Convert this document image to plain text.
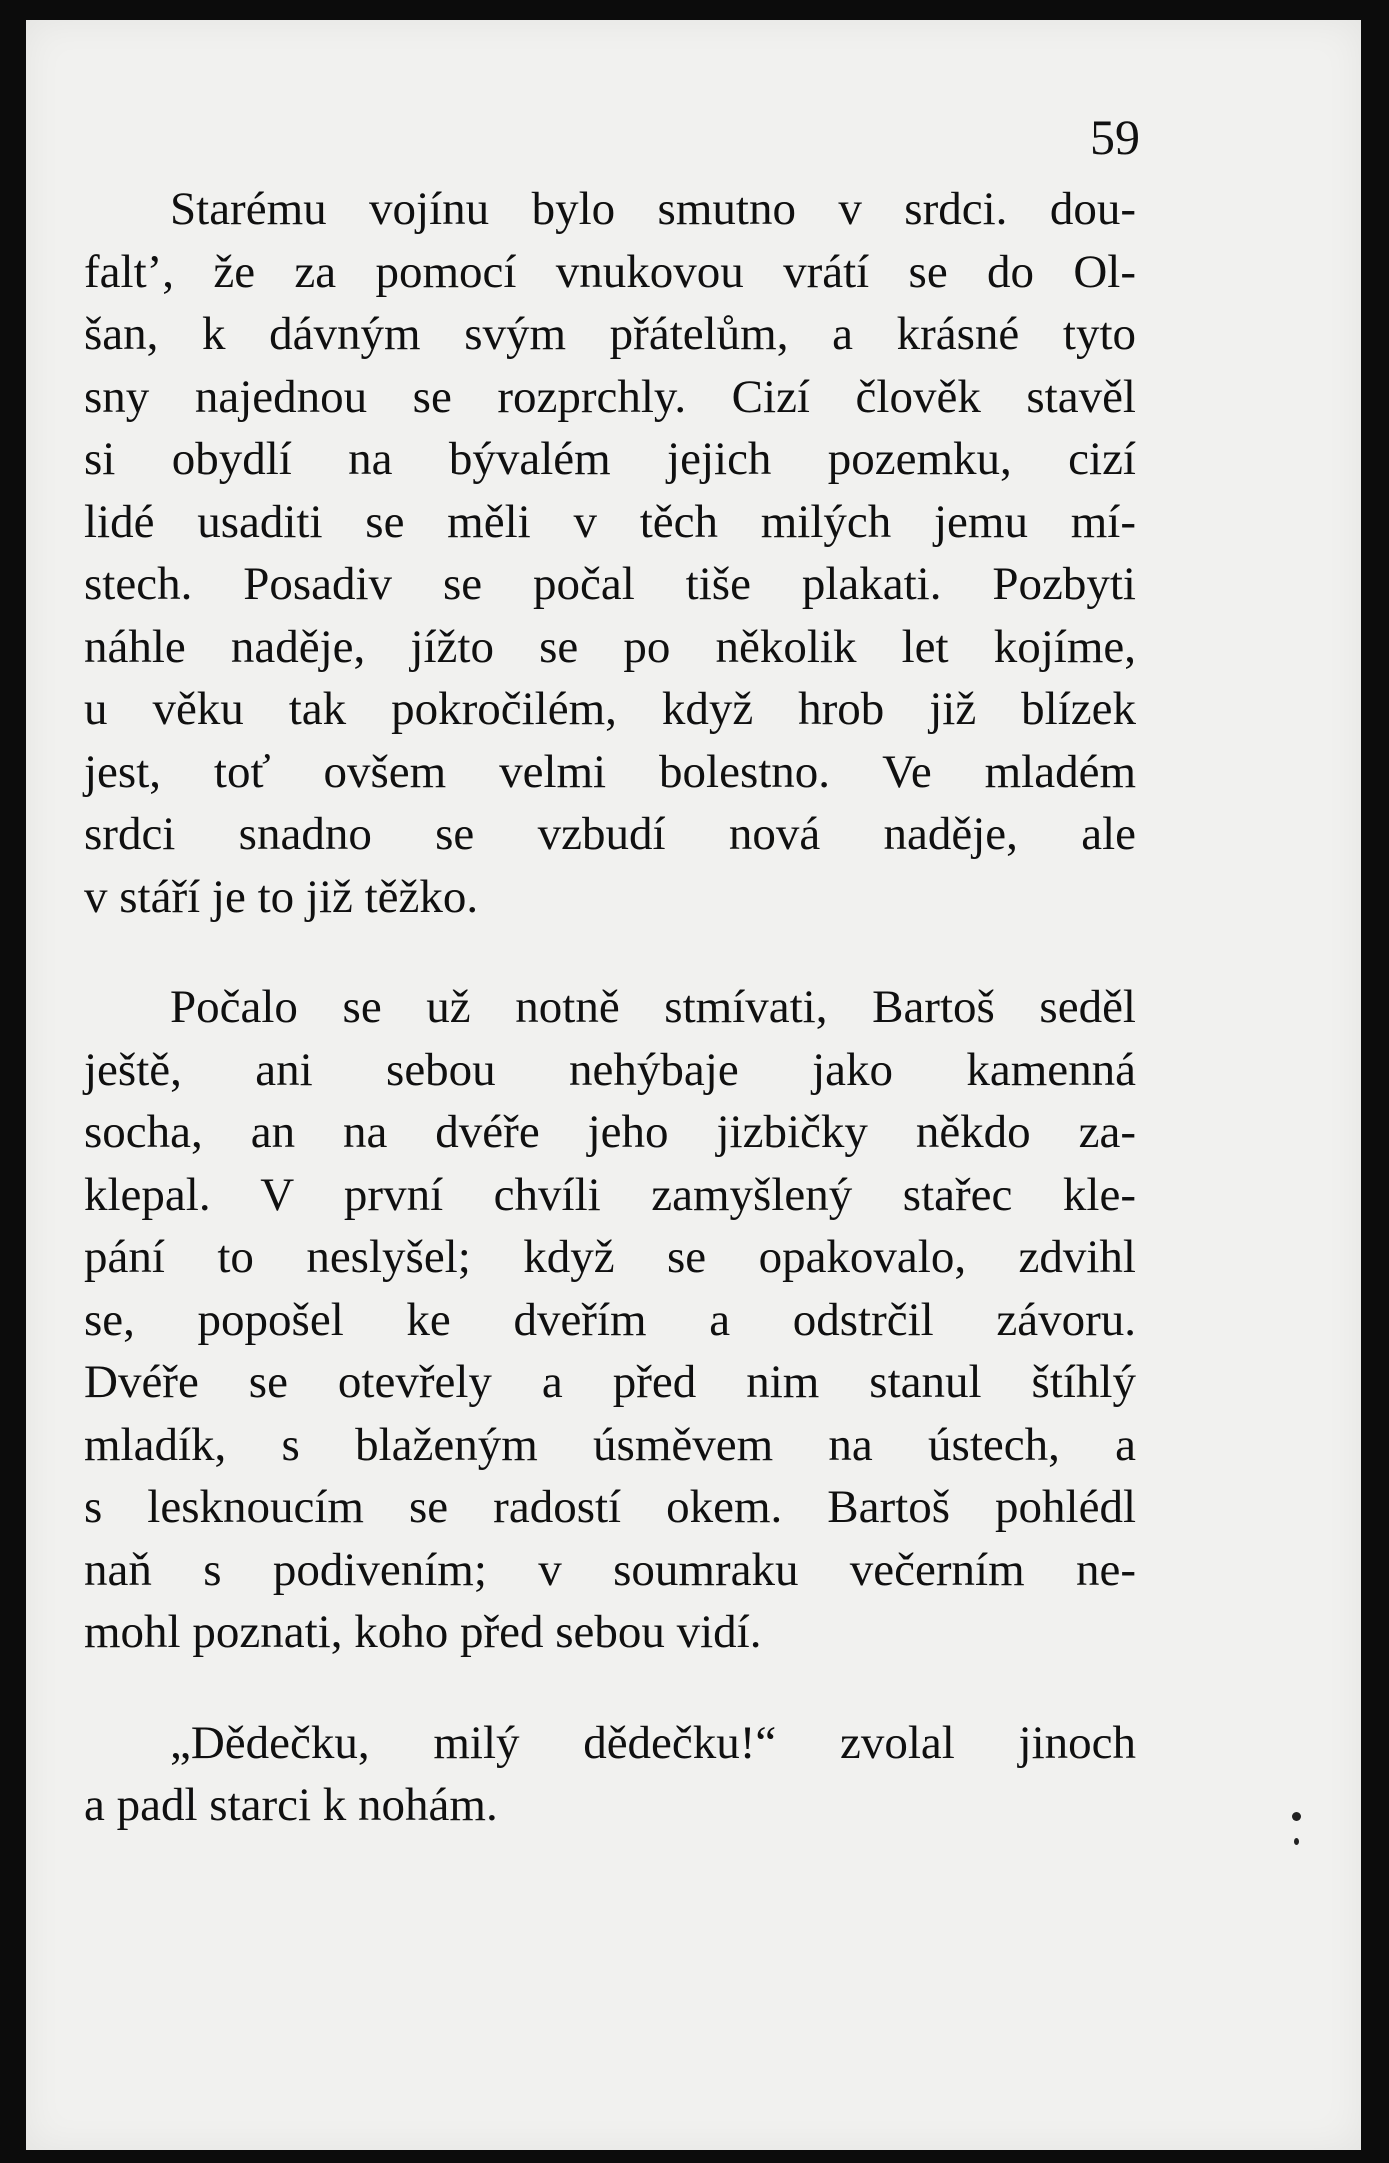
59

Starému vojínu bylo smutno v srdci. dou-
faltʼ, že za pomocí vnukovou vrátí se do Ol-
šan, k dávným svým přátelům, a krásné tyto
sny najednou se rozprchly. Cizí člověk stavěl
si obydlí na bývalém jejich pozemku, cizí
lidé usaditi se měli v těch milých jemu mí-
stech. Posadiv se počal tiše plakati. Pozbyti
náhle naděje, jížto se po několik let kojíme,
u věku tak pokročilém, když hrob již blízek
jest, toť ovšem velmi bolestno. Ve mladém
srdci snadno se vzbudí nová naděje, ale
v stáří je to již těžko.

Počalo se už notně stmívati, Bartoš seděl
ještě, ani sebou nehýbaje jako kamenná
socha, an na dvéře jeho jizbičky někdo za-
klepal. V první chvíli zamyšlený stařec kle-
pání to neslyšel; když se opakovalo, zdvihl
se, popošel ke dveřím a odstrčil závoru.
Dvéře se otevřely a před nim stanul štíhlý
mladík, s blaženým úsměvem na ústech, a
s lesknoucím se radostí okem. Bartoš pohlédl
naň s podivením; v soumraku večerním ne-
mohl poznati, koho před sebou vidí.

„Dědečku, milý dědečku!“ zvolal jinoch
a padl starci k nohám.
